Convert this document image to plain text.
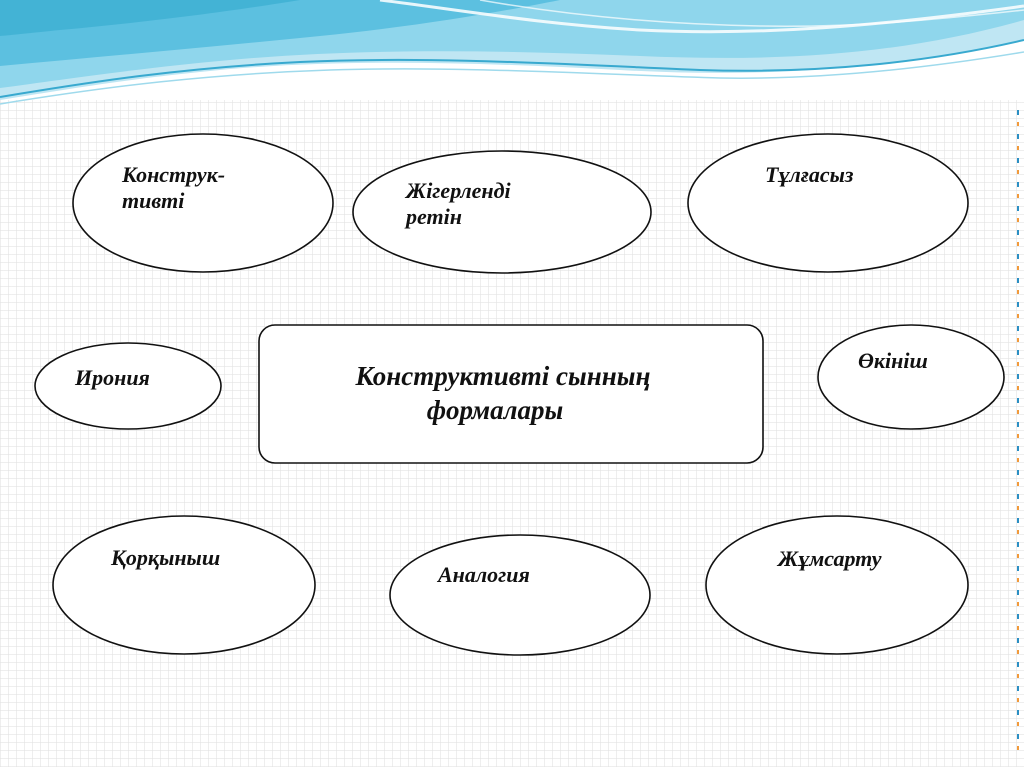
Конструк-
тивті	Жігерленді
ретін
Тұлғасыз
Ирония	Конструктивті сынның
формалары
Өкініш
Қорқыныш
Аналогия
Жұмсарту
